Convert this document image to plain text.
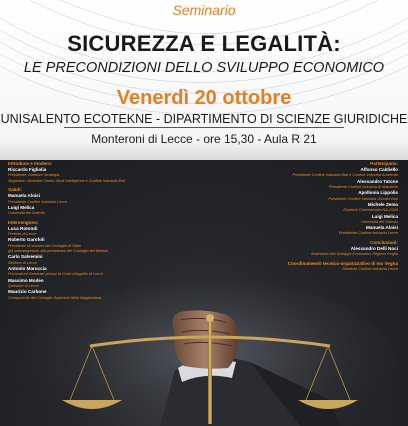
Seminario
SICUREZZA E LEGALITÀ:
LE PRECONDIZIONI DELLO SVILUPPO ECONOMICO
Venerdì 20 ottobre
UNISALENTO ECOTEKNE - DIPARTIMENTO DI SCIENZE GIURIDICHE
Monteroni di Lecce - ore 15,30 - Aula R 21
Introduce e modera:
Riccardo Figliolia
Presidente, Direttore Strategia,
Segretario Generale Centro Studi Intelligence e Confine Industria Enti
Saluti:
Manuela Aloisi
Presidente Confine Industria Lecce
Luigi Melica
Università del Salento
Intervengono:
Luca Rotondi
Prefetto di Lecce
Roberto Garofoli
Presidente di sezione del Consiglio di Stato
già sottosegretario alla presidenza del Consiglio dei Ministri
Carlo Salvemini
Sindaco di Lecce
Antonio Maruccia
Procuratore Generale presso la Corte d'Appello di Lecce
Massimo Modeo
Questore di Lecce
Maurizio Carbone
Componente del Consiglio Superiore della Magistratura
Partecipano:
Alfonso Caldiello
Presidente Confine Industria Bari e Confine Industria Ambiente
Alessandro Tatone
Presidente Confine Industria Al Mandorle
Apollonia Lippolis
Presidente Confine Industria Giovani Bari
Michele Zema
Direttore Commerciale NA-GSIA
Luigi Melica
Università del Salento
Manuela Aloisi
Presidente Confine Industria Lecce
Conclusioni:
Alessandro Delli Noci
Assessore allo Sviluppo Economico Regione Puglia
Coordinamento tecnico-organizzativo di Ivo Vegna
Direttore Confine Industria Lecce
